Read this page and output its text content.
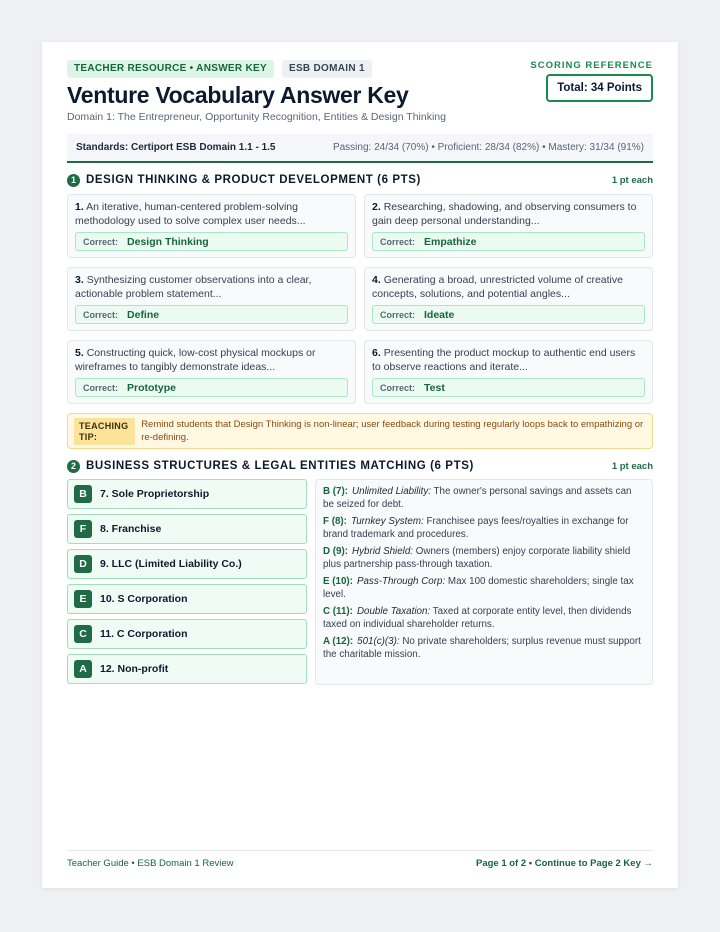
TEACHER RESOURCE • ANSWER KEY	ESB DOMAIN 1
Venture Vocabulary Answer Key
Domain 1: The Entrepreneur, Opportunity Recognition, Entities & Design Thinking
SCORING REFERENCE
Total: 34 Points
Standards: Certiport ESB Domain 1.1 - 1.5	Passing: 24/34 (70%) • Proficient: 28/34 (82%) • Mastery: 31/34 (91%)
1 DESIGN THINKING & PRODUCT DEVELOPMENT (6 PTS)	1 pt each
1. An iterative, human-centered problem-solving methodology used to solve complex user needs...
Correct: Design Thinking
2. Researching, shadowing, and observing consumers to gain deep personal understanding...
Correct: Empathize
3. Synthesizing customer observations into a clear, actionable problem statement...
Correct: Define
4. Generating a broad, unrestricted volume of creative concepts, solutions, and potential angles...
Correct: Ideate
5. Constructing quick, low-cost physical mockups or wireframes to tangibly demonstrate ideas...
Correct: Prototype
6. Presenting the product mockup to authentic end users to observe reactions and iterate...
Correct: Test
TEACHING TIP:
Remind students that Design Thinking is non-linear; user feedback during testing regularly loops back to empathizing or re-defining.
2 BUSINESS STRUCTURES & LEGAL ENTITIES MATCHING (6 PTS)	1 pt each
B	7. Sole Proprietorship
F	8. Franchise
D	9. LLC (Limited Liability Co.)
E	10. S Corporation
C	11. C Corporation
A	12. Non-profit
B (7): Unlimited Liability: The owner's personal savings and assets can be seized for debt.
F (8): Turnkey System: Franchisee pays fees/royalties in exchange for brand trademark and procedures.
D (9): Hybrid Shield: Owners (members) enjoy corporate liability shield plus partnership pass-through taxation.
E (10): Pass-Through Corp: Max 100 domestic shareholders; single tax level.
C (11): Double Taxation: Taxed at corporate entity level, then dividends taxed on individual shareholder returns.
A (12): 501(c)(3): No private shareholders; surplus revenue must support the charitable mission.
Teacher Guide • ESB Domain 1 Review	Page 1 of 2 • Continue to Page 2 Key →
